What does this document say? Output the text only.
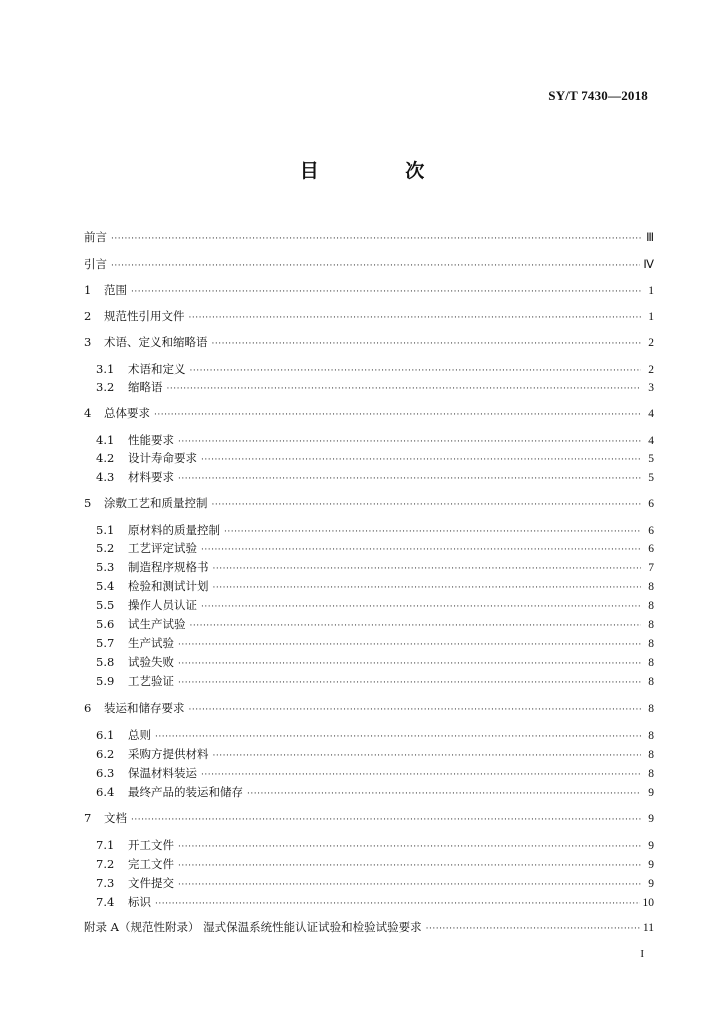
SY/T 7430—2018
目 次
前言 ·····	Ⅲ
引言 ·····	Ⅳ
1	范围 ·····	1
2	规范性引用文件 ·····	1
3	术语、定义和缩略语 ·····	2
3.1	术语和定义 ·····	2
3.2	缩略语 ·····	3
4	总体要求 ·····	4
4.1	性能要求 ·····	4
4.2	设计寿命要求 ·····	5
4.3	材料要求 ·····	5
5	涂敷工艺和质量控制 ·····	6
5.1	原材料的质量控制 ·····	6
5.2	工艺评定试验 ·····	6
5.3	制造程序规格书 ·····	7
5.4	检验和测试计划 ·····	8
5.5	操作人员认证 ·····	8
5.6	试生产试验 ·····	8
5.7	生产试验 ·····	8
5.8	试验失败 ·····	8
5.9	工艺验证 ·····	8
6	装运和储存要求 ·····	8
6.1	总则 ·····	8
6.2	采购方提供材料 ·····	8
6.3	保温材料装运 ·····	8
6.4	最终产品的装运和储存 ·····	9
7	文档 ·····	9
7.1	开工文件 ·····	9
7.2	完工文件 ·····	9
7.3	文件提交 ·····	9
7.4	标识 ·····	10
附录 A（规范性附录） 湿式保温系统性能认证试验和检验试验要求 ·····	11
I
